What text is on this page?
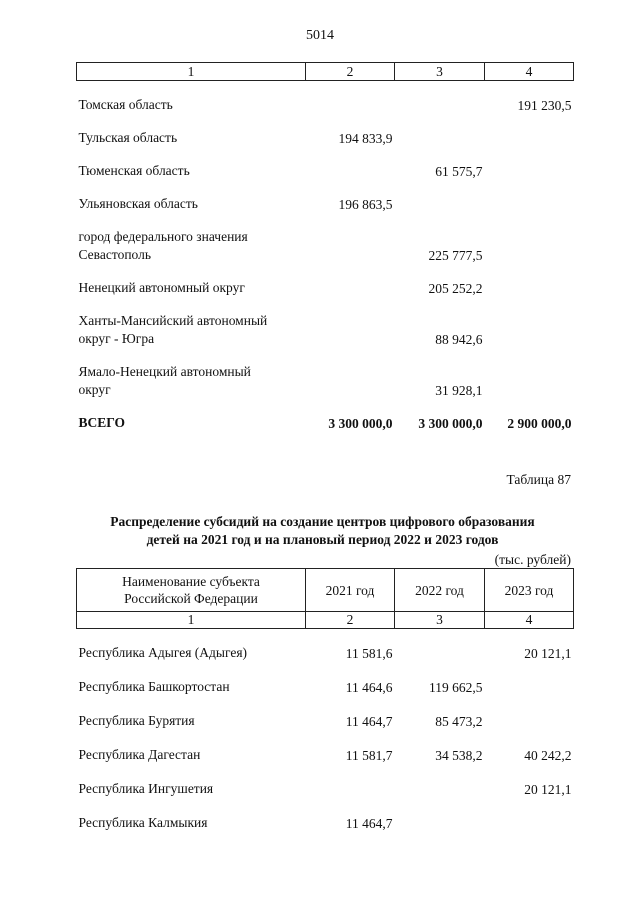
5014
1	2	3	4
Томская область			191 230,5
Тульская область	194 833,9		
Тюменская область		61 575,7	
Ульяновская область	196 863,5		
город федерального значения
Севастополь		225 777,5	
Ненецкий автономный округ		205 252,2	
Ханты-Мансийский автономный
округ - Югра		88 942,6	
Ямало-Ненецкий автономный
округ		31 928,1	
ВСЕГО	3 300 000,0	3 300 000,0	2 900 000,0
Таблица 87
Распределение субсидий на создание центров цифрового образования
детей на 2021 год и на плановый период 2022 и 2023 годов
(тыс. рублей)
Наименование субъекта
Российской Федерации	2021 год	2022 год	2023 год
1	2	3	4
Республика Адыгея (Адыгея)	11 581,6		20 121,1
Республика Башкортостан	11 464,6	119 662,5	
Республика Бурятия	11 464,7	85 473,2	
Республика Дагестан	11 581,7	34 538,2	40 242,2
Республика Ингушетия			20 121,1
Республика Калмыкия	11 464,7		
